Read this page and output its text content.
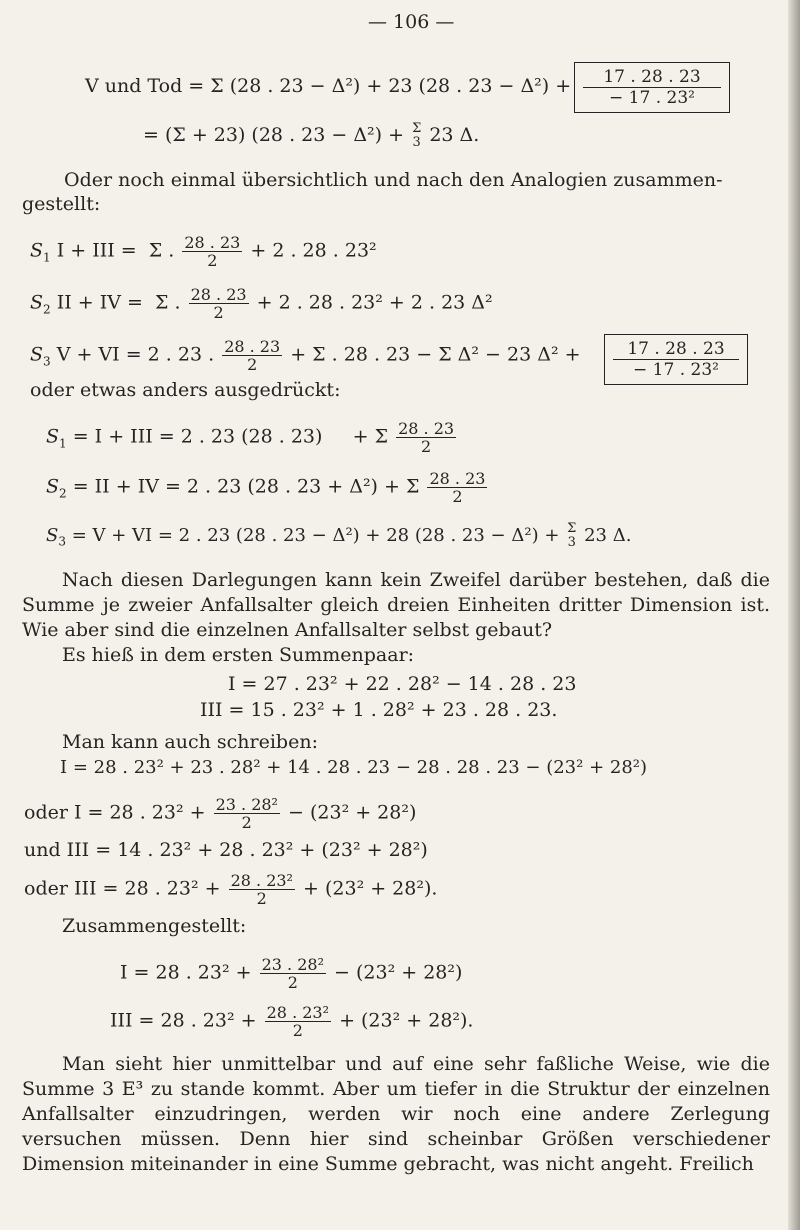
— 106 —
V und Tod = Σ (28 . 23 − Δ²) + 23 (28 . $23 - \Delta^2) + \frac{17 . 28 . 23}{\text{− 17 . 23²}}$
= (Σ + 23) (28 . 23 − Δ²) + Σ
3 23 Δ.
Oder noch einmal übersichtlich und nach den Analogien zusammen-
gestellt:
$S_1$ I + III = Σ . $\frac{28 . 23}{2} + 2$ . 28 . 23²
$S_2$ II + IV = Σ . $\frac{28 . 23}{2} + 2$ . 28 . 23² + 2 . 23 Δ²
$S_3$ V + VI = 2 . 23 . $\frac{28 . 23}{2} + \Sigma$ . 28 . 23 − Σ Δ² − 23 $\Delta^2 + \frac{17 . 28 . 23}{\text{− 17 . 23²}}$
oder etwas anders ausgedrückt:
$S_1 = I$ + III = 2 . 23 (28 . 23) + Σ $\frac{28 . 23}{2}$
$S_2$ = II + IV = 2 . 23 (28 . 23 + Δ²) + Σ $\frac{28 . 23}{2}$
$S_3 = V$ + VI = 2 . 23 (28 . 23 − Δ²) + 28 (28 . 23 − Δ²) + Σ
3 23 Δ.
Nach diesen Darlegungen kann kein Zweifel darüber bestehen, daß die Summe je zweier Anfallsalter gleich dreien Einheiten dritter Dimension ist. Wie aber sind die einzelnen Anfallsalter selbst gebaut?
Es hieß in dem ersten Summenpaar:
I = 27 . 23² + 22 . 28² − 14 . 28 . 23
III = 15 . 23² + 1 . 28² + 23 . 28 . 23.
Man kann auch schreiben:
I = 28 . 23² + 23 . 28² + 14 . 28 . 23 − 28 . 28 . 23 − (23² + 28²)
oder I = 28 . $23^2 + \frac{\text{23 . 28²}}{2} - (23^2 + 28^2)$
und III = 14 . 23² + 28 . 23² + (23² + 28²)
oder III = 28 . $23^2 + \frac{\text{28 . 23²}}{2} + (23^2 + 28^2)$.
Zusammengestellt:
I = 28 . $23^2 + \frac{\text{23 . 28²}}{2} - (23^2 + 28^2)$
III = 28 . $23^2 + \frac{\text{28 . 23²}}{2} + (23^2 + 28^2)$.
Man sieht hier unmittelbar und auf eine sehr faßliche Weise, wie die Summe 3 E³ zu stande kommt. Aber um tiefer in die Struktur der einzelnen Anfallsalter einzudringen, werden wir noch eine andere Zerlegung versuchen müssen. Denn hier sind scheinbar Größen verschiedener Dimension miteinander in eine Summe gebracht, was nicht angeht. Freilich
